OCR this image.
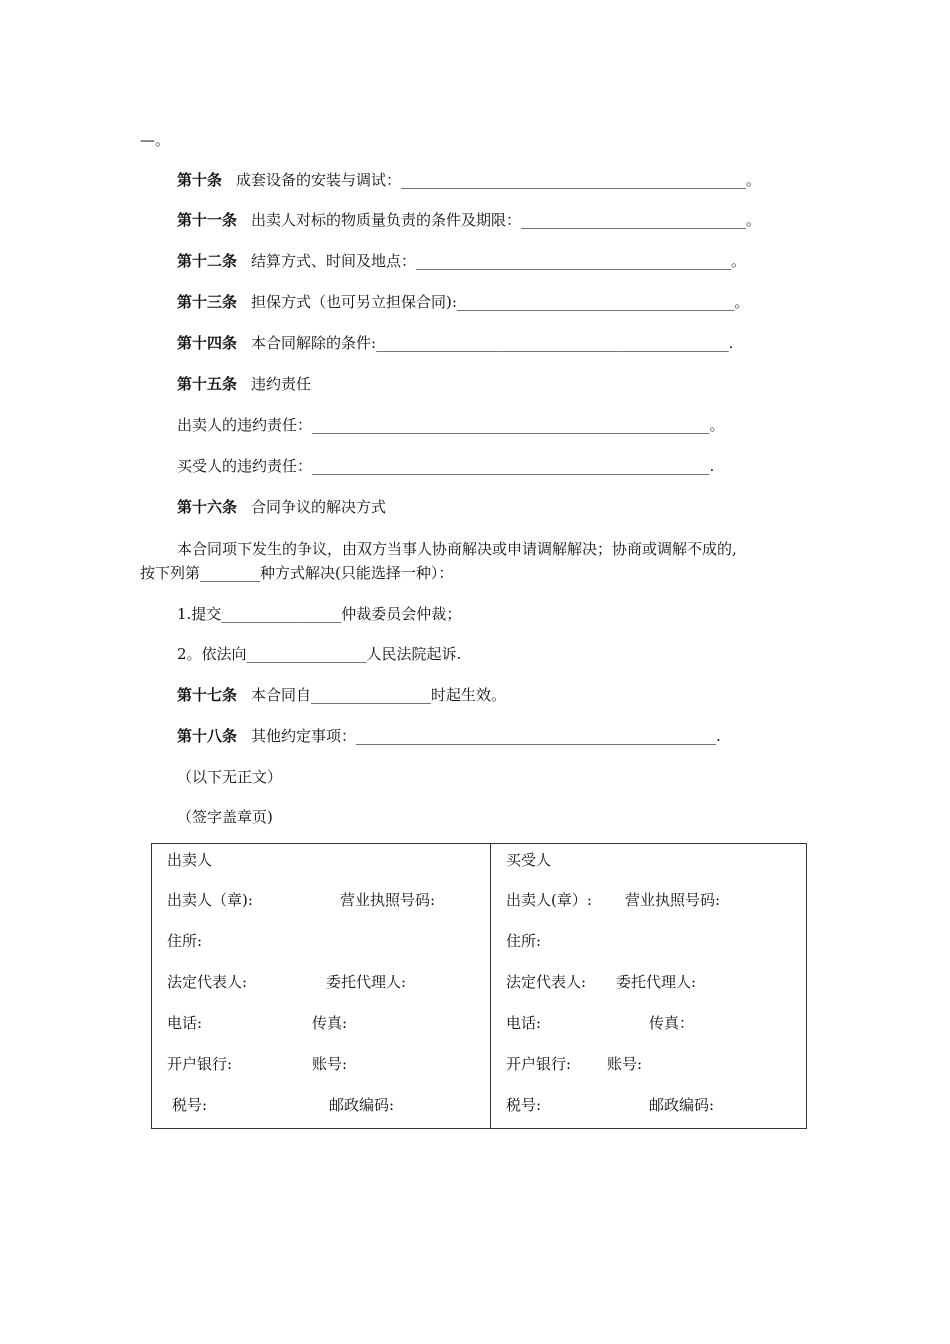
—。
第十条 成套设备的安装与调试：______________________________________________。
第十一条 出卖人对标的物质量负责的条件及期限：______________________________。
第十二条 结算方式、时间及地点：__________________________________________。
第十三条 担保方式（也可另立担保合同):_____________________________________。
第十四条 本合同解除的条件:_______________________________________________.
第十五条 违约责任
出卖人的违约责任：_____________________________________________________。
买受人的违约责任：_____________________________________________________.
第十六条 合同争议的解决方式
本合同项下发生的争议，由双方当事人协商解决或申请调解解决；协商或调解不成的,
按下列第________种方式解决(只能选择一种）：
1.提交________________仲裁委员会仲裁；
2。依法向________________人民法院起诉.
第十七条 本合同自________________时起生效。
第十八条 其他约定事项：________________________________________________.
（以下无正文）
（签字盖章页)
出卖人
出卖人（章):	营业执照号码:
住所:
法定代表人:	委托代理人:
电话:	传真:
开户银行:	账号:
税号:	邮政编码:
买受人
出卖人(章）: 营业执照号码:
住所:
法定代表人: 委托代理人:
电话:	传真：
开户银行: 账号:
税号:	邮政编码:
